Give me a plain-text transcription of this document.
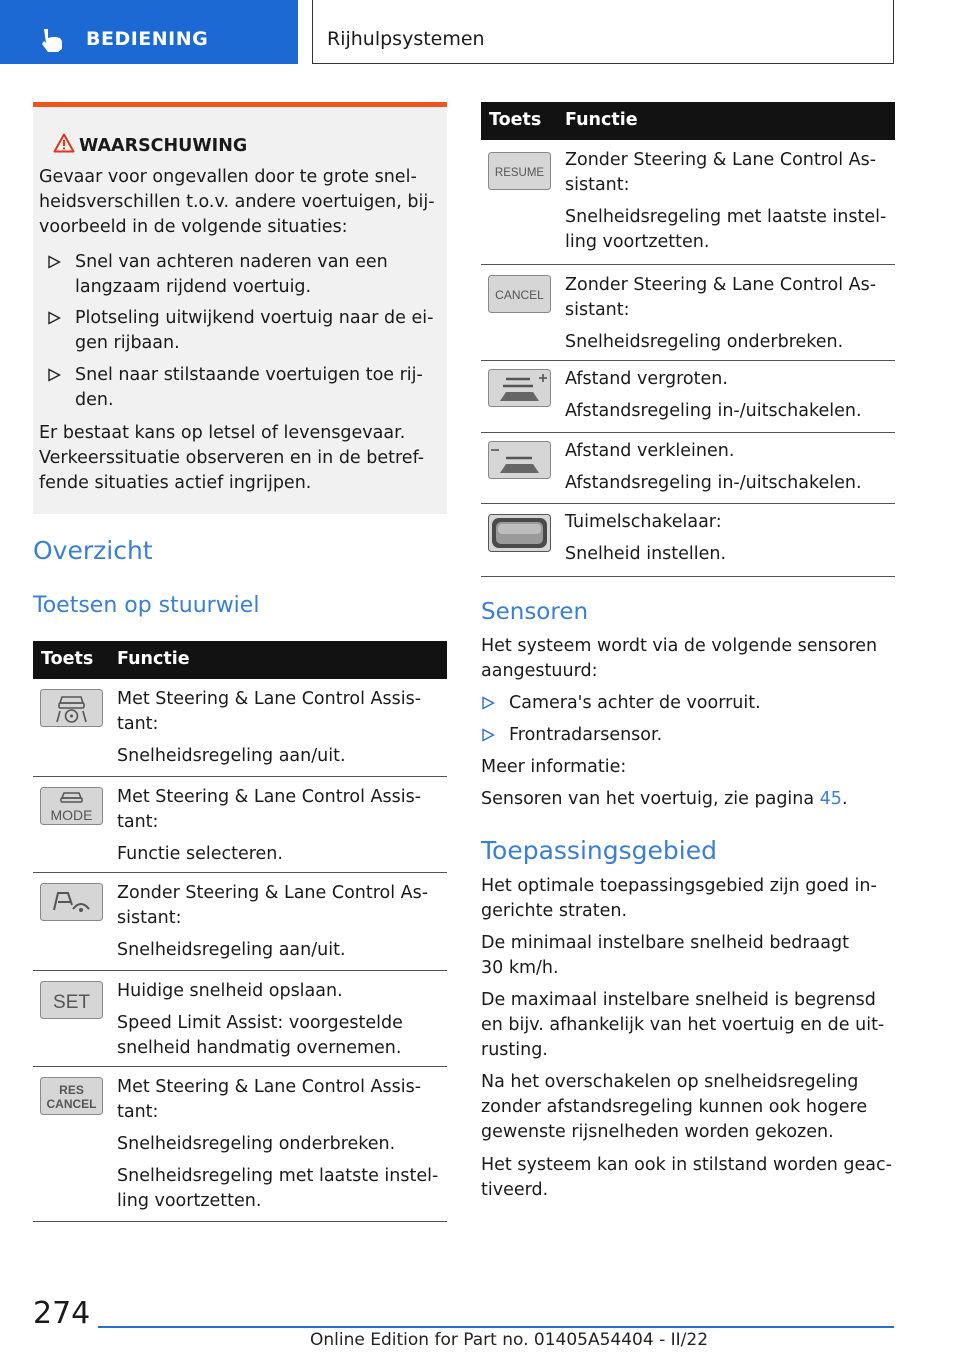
BEDIENING	Rijhulpsystemen
WAARSCHUWING
Gevaar voor ongevallen door te grote snel-
heidsverschillen t.o.v. andere voertuigen, bij-
voorbeeld in de volgende situaties:
Snel van achteren naderen van een
langzaam rijdend voertuig.
Plotseling uitwijkend voertuig naar de ei-
gen rijbaan.
Snel naar stilstaande voertuigen toe rij-
den.
Er bestaat kans op letsel of levensgevaar.
Verkeerssituatie observeren en in de betref-
fende situaties actief ingrijpen.
Overzicht
Toetsen op stuurwiel
Toets Functie

Met Steering & Lane Control Assis-
tant:

Snelheidsregeling aan/uit.

MODE

Met Steering & Lane Control Assis-
tant:

Functie selecteren.

Zonder Steering & Lane Control As-
sistant:

Snelheidsregeling aan/uit.

SET

Huidige snelheid opslaan.

Speed Limit Assist: voorgestelde
snelheid handmatig overnemen.

RES
CANCEL

Met Steering & Lane Control Assis-
tant:

Snelheidsregeling onderbreken.

Snelheidsregeling met laatste instel-
ling voortzetten.

Toets Functie
RESUME

Zonder Steering & Lane Control As-
sistant:

Snelheidsregeling met laatste instel-
ling voortzetten.

CANCEL Zonder Steering & Lane Control As-
sistant:

Snelheidsregeling onderbreken.

Afstand vergroten.

Afstandsregeling in-/uitschakelen.

Afstand verkleinen.

Afstandsregeling in-/uitschakelen.

Tuimelschakelaar:

Snelheid instellen.

Sensoren
Het systeem wordt via de volgende sensoren
aangestuurd:
Camera's achter de voorruit.
Frontradarsensor.
Meer informatie:
Sensoren van het voertuig, zie pagina 45.
Toepassingsgebied
Het optimale toepassingsgebied zijn goed in-
gerichte straten.
De minimaal instelbare snelheid bedraagt
30 km/h.
De maximaal instelbare snelheid is begrensd
en bijv. afhankelijk van het voertuig en de uit-
rusting.
Na het overschakelen op snelheidsregeling
zonder afstandsregeling kunnen ook hogere
gewenste rijsnelheden worden gekozen.
Het systeem kan ook in stilstand worden geac-
tiveerd.
274
Online Edition for Part no. 01405A54404 - II/22
